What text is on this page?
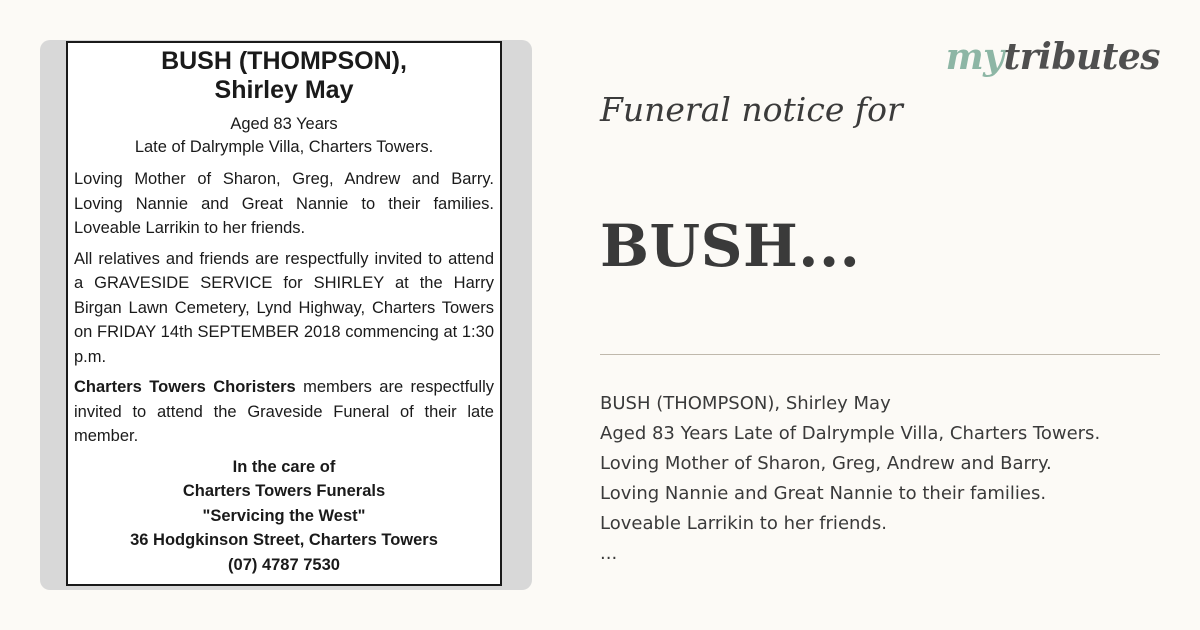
BUSH (THOMPSON),
Shirley May
Aged 83 Years
Late of Dalrymple Villa, Charters Towers.
Loving Mother of Sharon, Greg, Andrew and Barry. Loving Nannie and Great Nannie to their families. Loveable Larrikin to her friends.
All relatives and friends are respectfully invited to attend a GRAVESIDE SERVICE for SHIRLEY at the Harry Birgan Lawn Cemetery, Lynd Highway, Charters Towers on FRIDAY 14th SEPTEMBER 2018 commencing at 1:30 p.m.
Charters Towers Choristers members are respectfully invited to attend the Graveside Funeral of their late member.
In the care of
Charters Towers Funerals
"Servicing the West"
36 Hodgkinson Street, Charters Towers
(07) 4787 7530
mytributes
Funeral notice for
BUSH...
BUSH (THOMPSON), Shirley May
Aged 83 Years Late of Dalrymple Villa, Charters Towers.
Loving Mother of Sharon, Greg, Andrew and Barry.
Loving Nannie and Great Nannie to their families.
Loveable Larrikin to her friends.
...
